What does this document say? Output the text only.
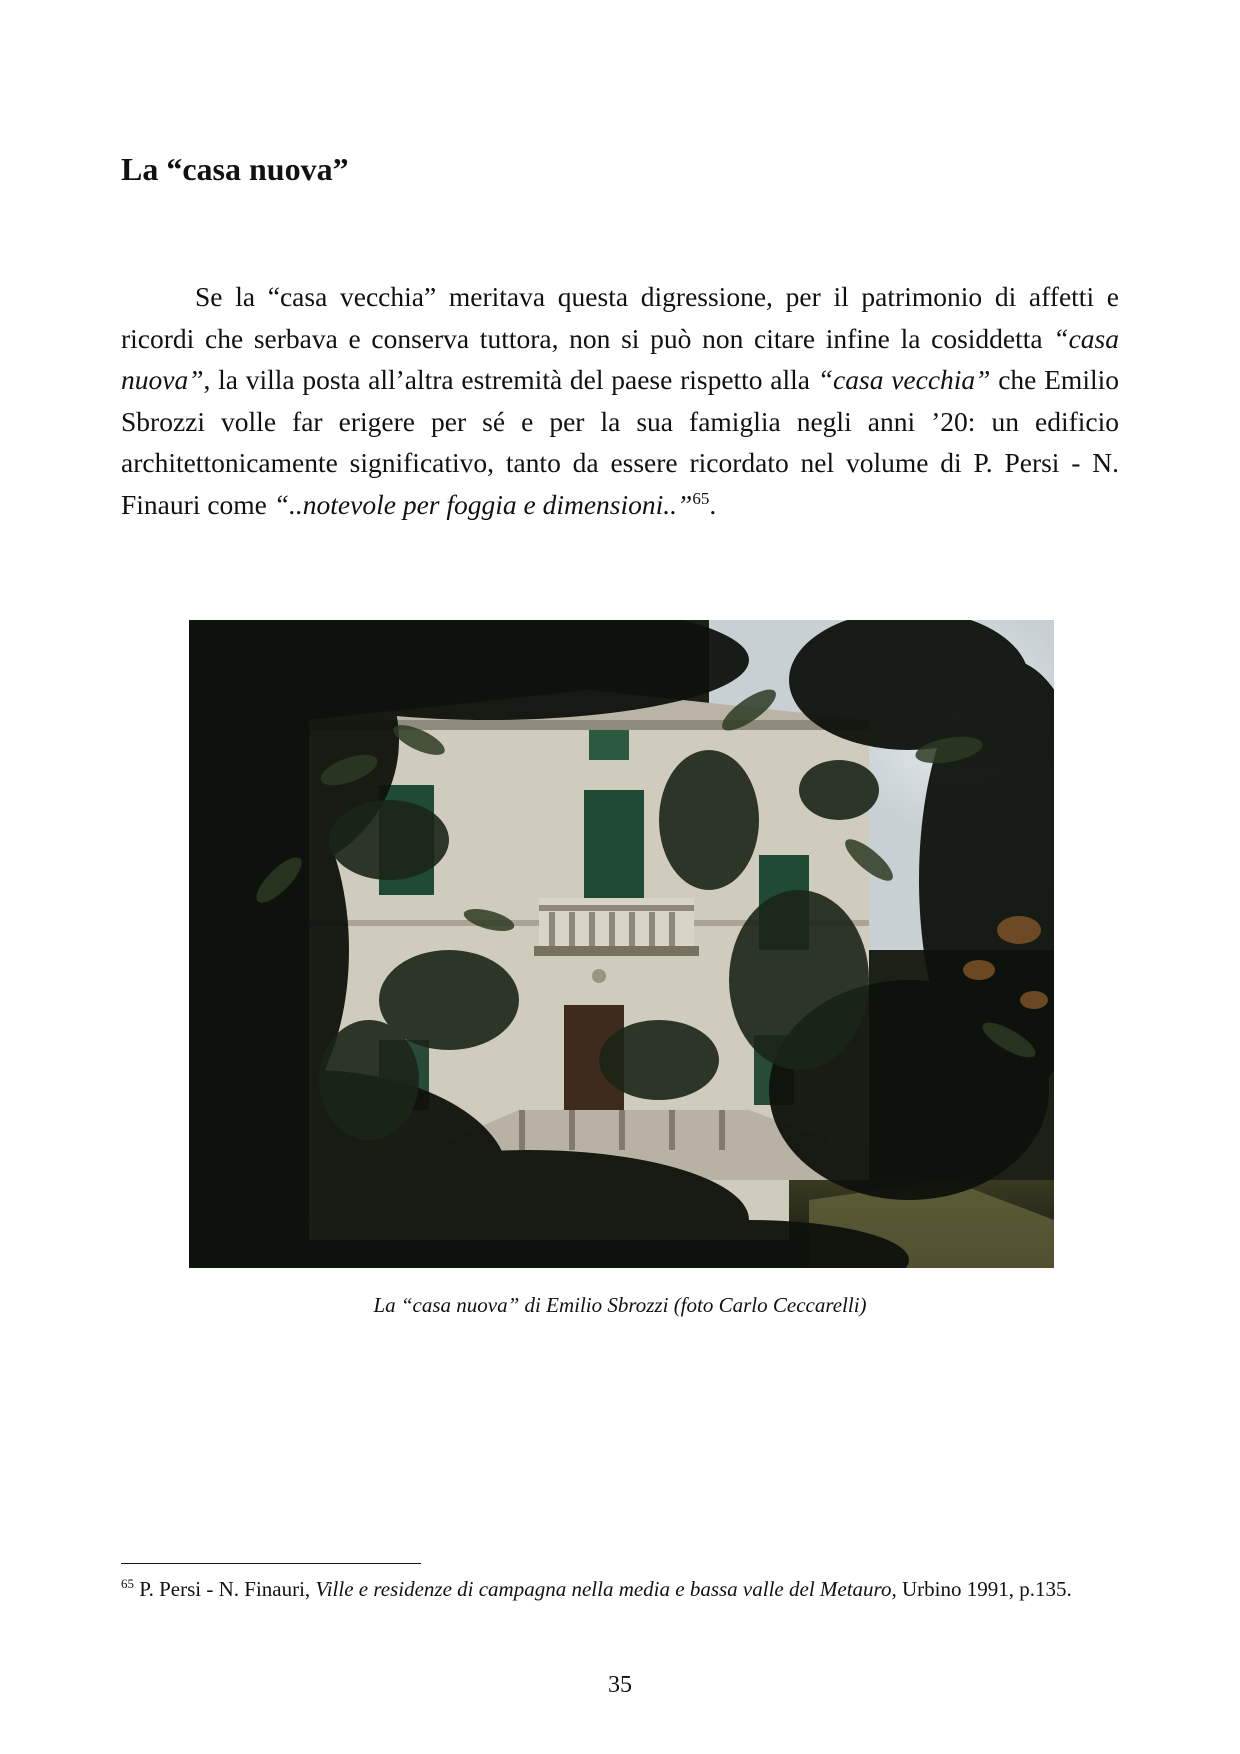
La “casa nuova”

Se la “casa vecchia” meritava questa digressione, per il patrimonio di affetti e ricordi che serbava e conserva tuttora, non si può non citare infine la cosiddetta “casa nuova”, la villa posta all’altra estremità del paese rispetto alla “casa vecchia” che Emilio Sbrozzi volle far erigere per sé e per la sua famiglia negli anni ’20: un edificio architettonicamente significativo, tanto da essere ricordato nel volume di P. Persi - N. Finauri come “..notevole per foggia e dimensioni..”$^{65}$.

La “casa nuova” di Emilio Sbrozzi (foto Carlo Ceccarelli)

$^{65}$ P. Persi - N. Finauri, Ville e residenze di campagna nella media e bassa valle del Metauro, Urbino 1991, p.135.

35
